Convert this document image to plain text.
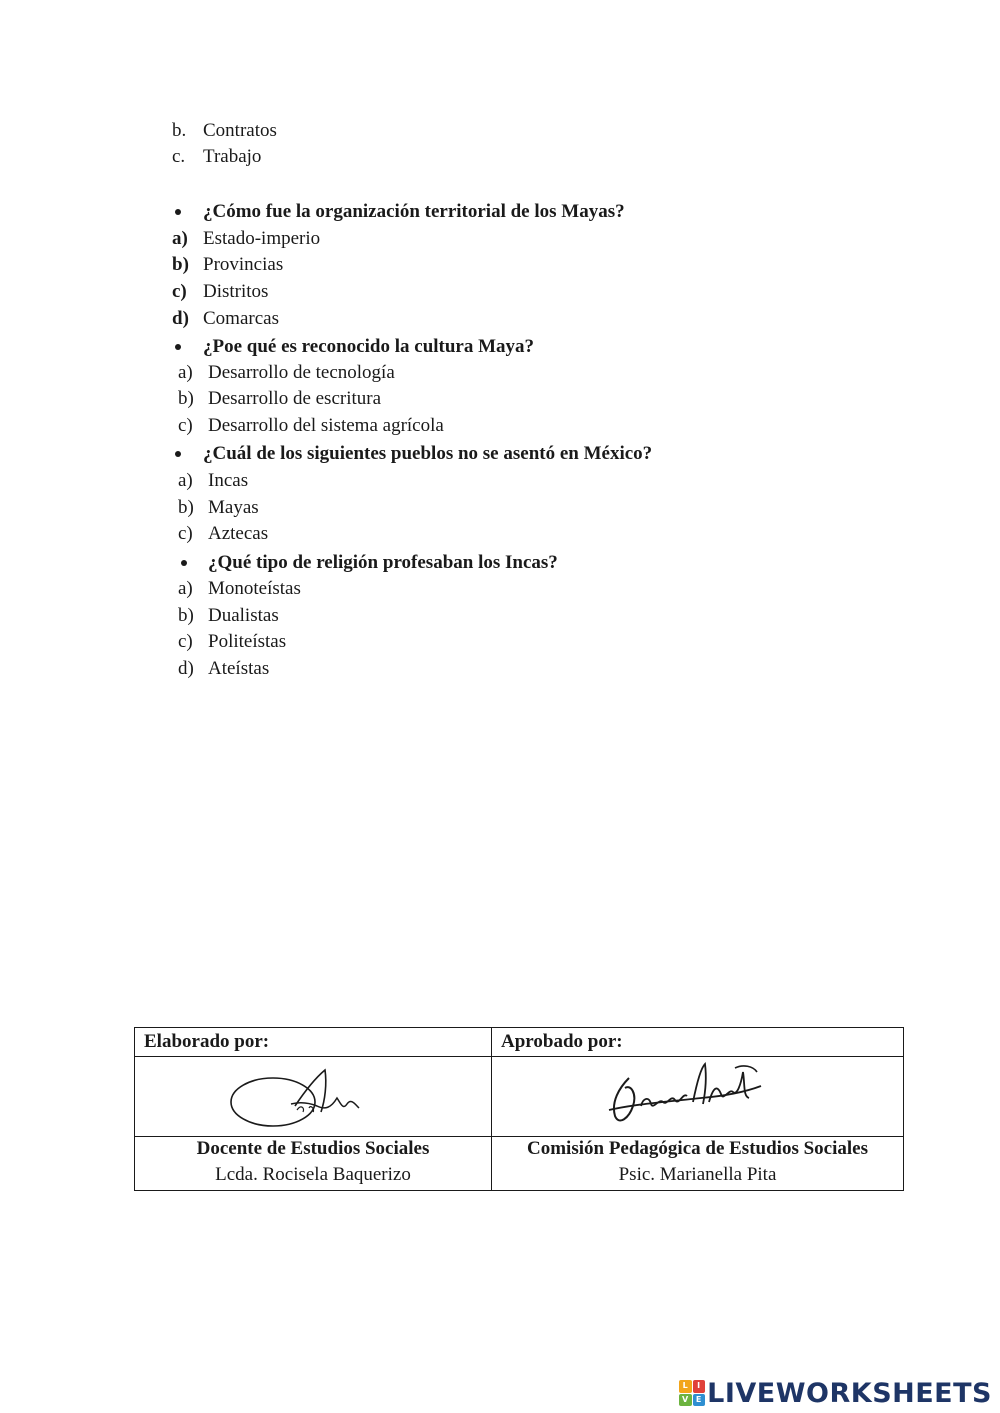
b. Contratos
c. Trabajo
¿Cómo fue la organización territorial de los Mayas?
a) Estado-imperio
b) Provincias
c) Distritos
d) Comarcas
¿Poe qué es reconocido la cultura Maya?
a) Desarrollo de tecnología
b) Desarrollo de escritura
c) Desarrollo del sistema agrícola
¿Cuál de los siguientes pueblos no se asentó en México?
a) Incas
b) Mayas
c) Aztecas
¿Qué tipo de religión profesaban los Incas?
a) Monoteístas
b) Dualistas
c) Politeístas
d) Ateístas
Elaborado por:	Aprobado por:
Docente de Estudios Sociales
Lcda. Rocisela Baquerizo
Comisión Pedagógica de Estudios Sociales
Psic. Marianella Pita
L	I
V E LIVEWORKSHEETS
